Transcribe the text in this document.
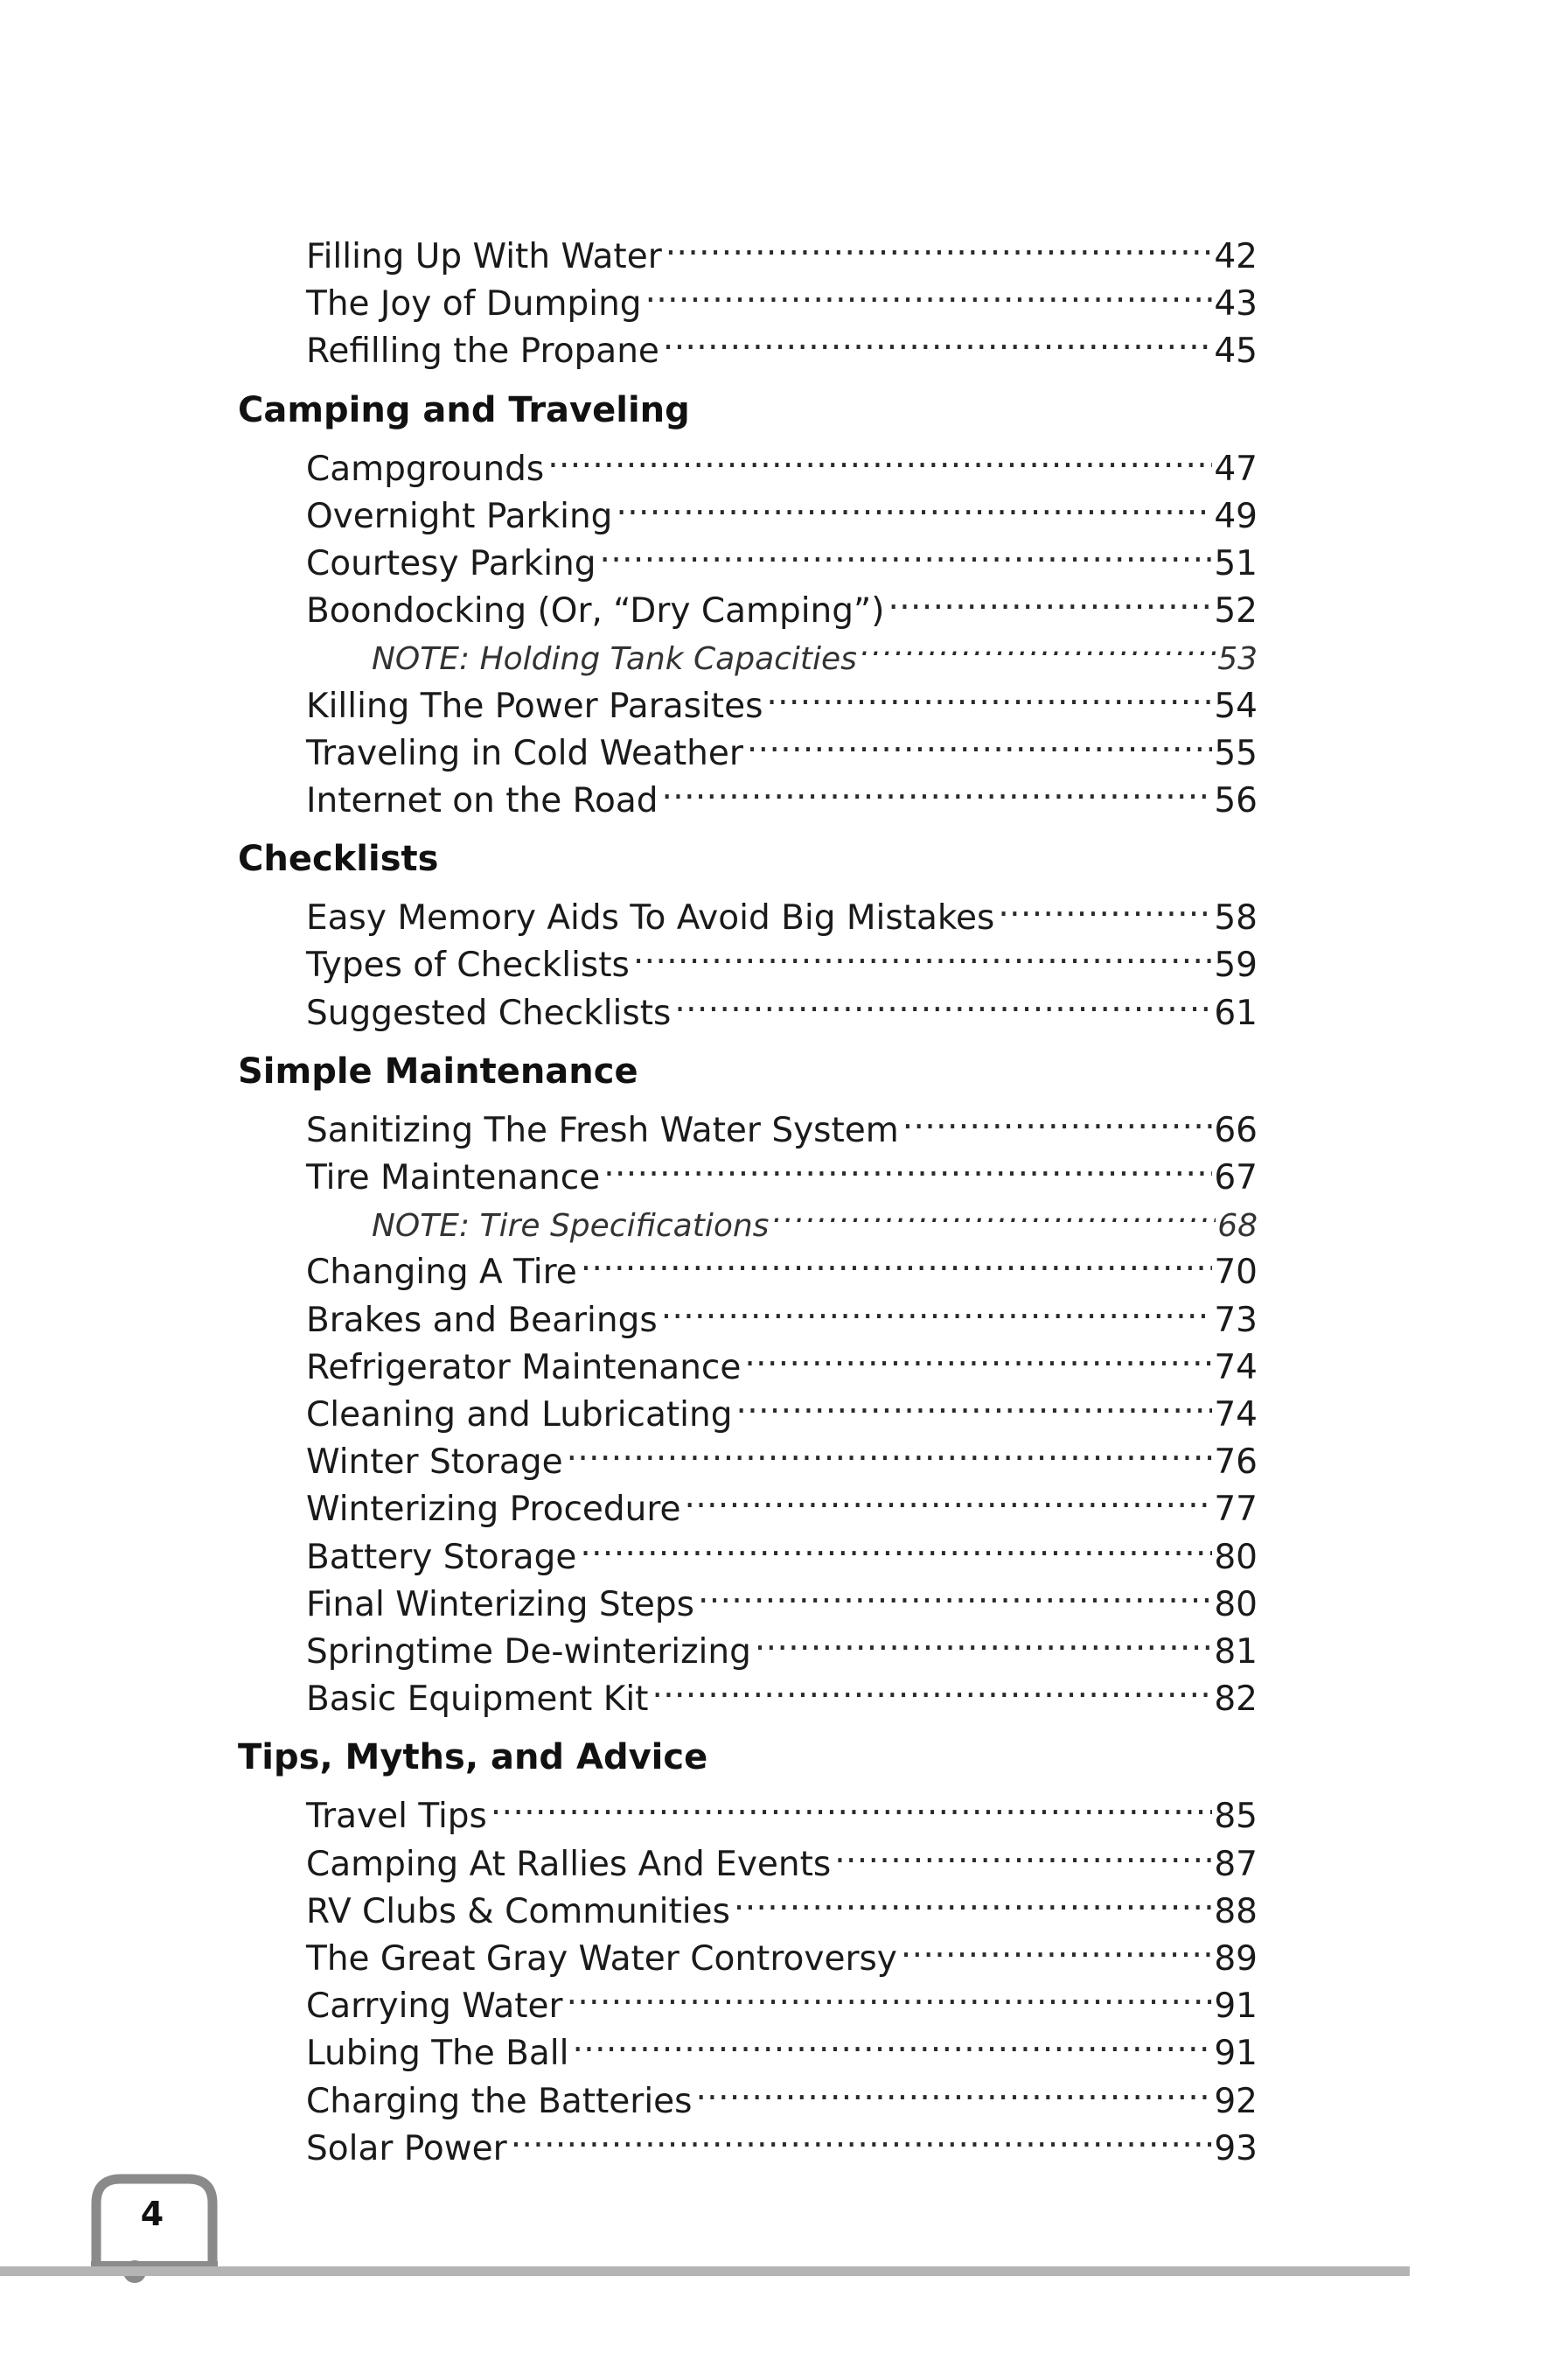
Filling Up With Water . . .	42
The Joy of Dumping . . .	43
Refilling the Propane . . .	45
Camping and Traveling
Campgrounds . . .	47
Overnight Parking . . .	49
Courtesy Parking . . .	51
Boondocking (Or, “Dry Camping”) . . .	52
NOTE: Holding Tank Capacities . . .	53
Killing The Power Parasites . . .	54
Traveling in Cold Weather . . .	55
Internet on the Road . . .	56
Checklists
Easy Memory Aids To Avoid Big Mistakes . . .	58
Types of Checklists . . .	59
Suggested Checklists . . .	61
Simple Maintenance
Sanitizing The Fresh Water System . . .	66
Tire Maintenance . . .	67
NOTE: Tire Specifications . . .	68
Changing A Tire . . .	70
Brakes and Bearings . . .	73
Refrigerator Maintenance . . .	74
Cleaning and Lubricating . . .	74
Winter Storage . . .	76
Winterizing Procedure . . .	77
Battery Storage . . .	80
Final Winterizing Steps . . .	80
Springtime De-winterizing . . .	81
Basic Equipment Kit . . .	82
Tips, Myths, and Advice
Travel Tips . . .	85
Camping At Rallies And Events . . .	87
RV Clubs & Communities . . .	88
The Great Gray Water Controversy . . .	89
Carrying Water . . .	91
Lubing The Ball . . .	91
Charging the Batteries . . .	92
Solar Power . . .	93
4
